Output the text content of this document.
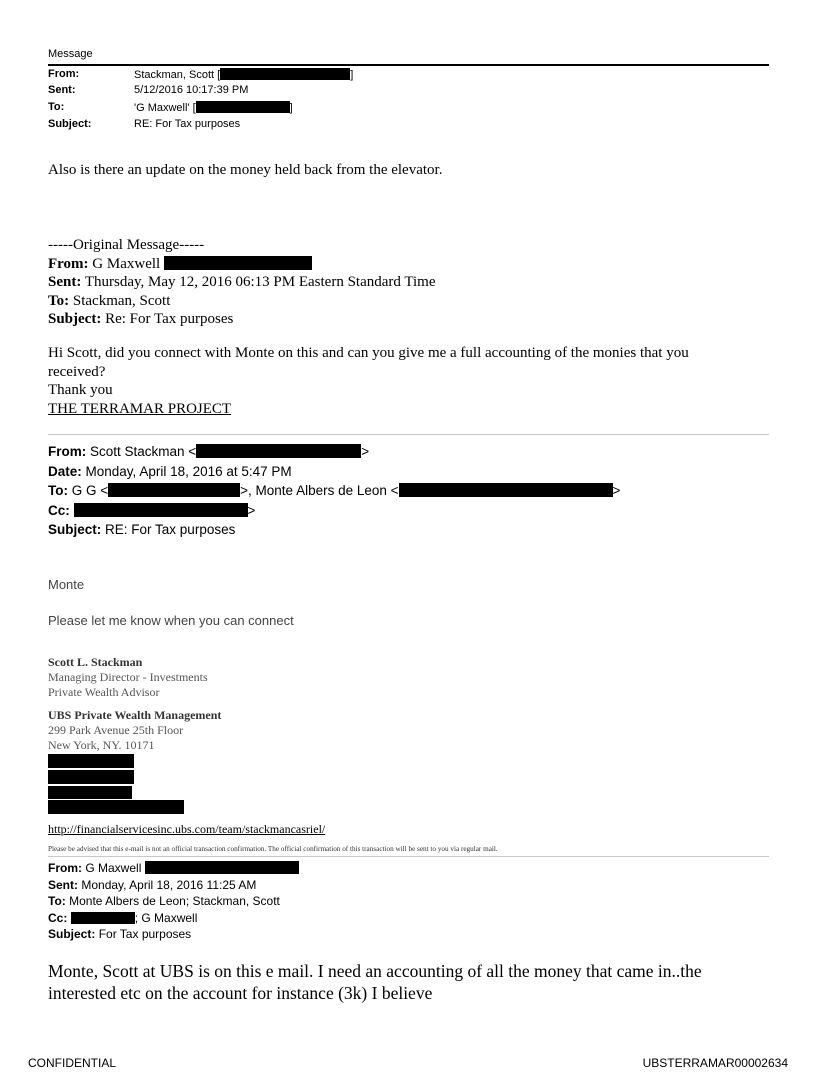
Message
From:	Stackman, Scott [	]
Sent:	5/12/2016 10:17:39 PM
To:	'G Maxwell' [	]
Subject:	RE: For Tax purposes
Also is there an update on the money held back from the elevator.
-----Original Message-----
From: G Maxwell
Sent: Thursday, May 12, 2016 06:13 PM Eastern Standard Time
To: Stackman, Scott
Subject: Re: For Tax purposes
Hi Scott, did you connect with Monte on this and can you give me a full accounting of the monies that you
received?
Thank you
THE TERRAMAR PROJECT
From: Scott Stackman <	>
Date: Monday, April 18, 2016 at 5:47 PM
To: G G <	>, Monte Albers de Leon <	>
Cc:	>
Subject: RE: For Tax purposes
Monte
Please let me know when you can connect
Scott L. Stackman
Managing Director - Investments
Private Wealth Advisor
UBS Private Wealth Management
299 Park Avenue 25th Floor
New York, NY. 10171
http://financialservicesinc.ubs.com/team/stackmancasriel/
Please be advised that this e-mail is not an official transaction confirmation. The official confirmation of this transaction will be sent to you via regular mail.
From: G Maxwell
Sent: Monday, April 18, 2016 11:25 AM
To: Monte Albers de Leon; Stackman, Scott
Cc:	; G Maxwell
Subject: For Tax purposes
Monte, Scott at UBS is on this e mail. I need an accounting of all the money that came in..the
interested etc on the account for instance (3k) I believe
CONFIDENTIAL	UBSTERRAMAR00002634
